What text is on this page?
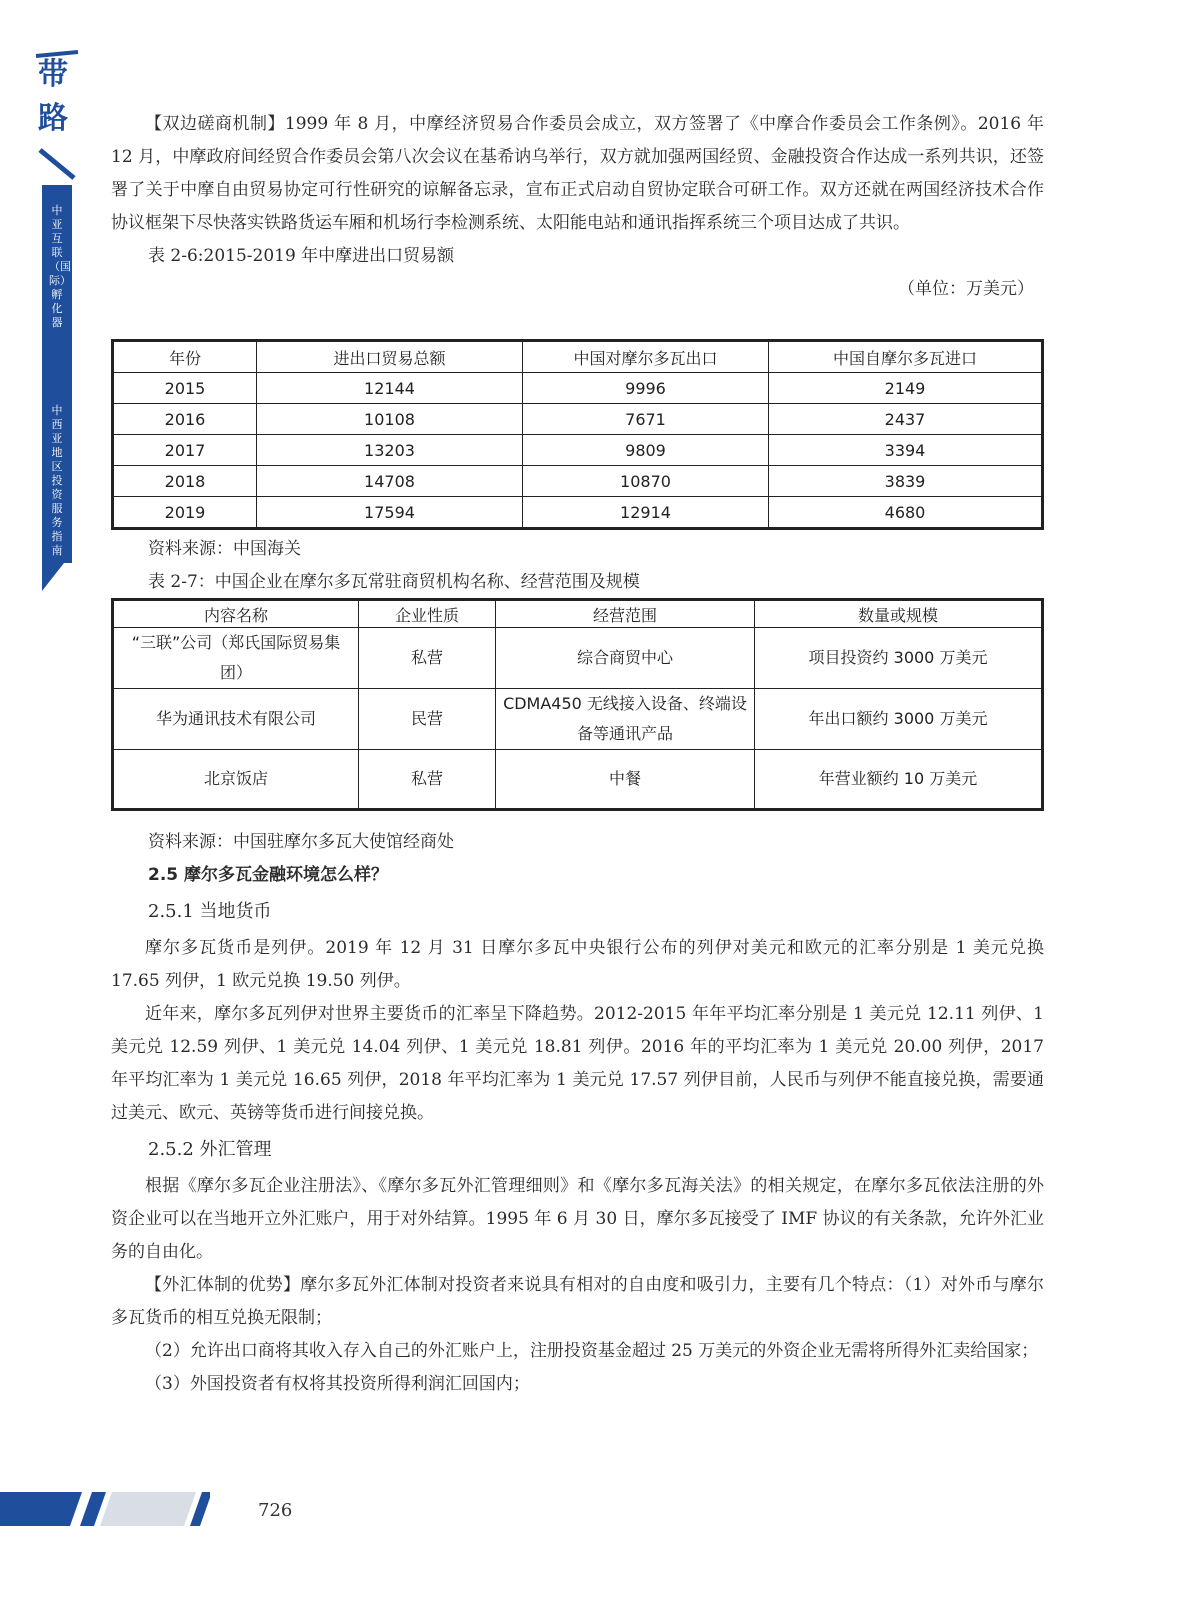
带
路
中亚互联（国际）孵化器
中西亚地区投资服务指南

【双边磋商机制】1999 年 8 月，中摩经济贸易合作委员会成立，双方签署了《中摩合作委员会工作条例》。2016 年 12 月，中摩政府间经贸合作委员会第八次会议在基希讷乌举行，双方就加强两国经贸、金融投资合作达成一系列共识，还签署了关于中摩自由贸易协定可行性研究的谅解备忘录，宣布正式启动自贸协定联合可研工作。双方还就在两国经济技术合作协议框架下尽快落实铁路货运车厢和机场行李检测系统、太阳能电站和通讯指挥系统三个项目达成了共识。

表 2-6:2015-2019 年中摩进出口贸易额

（单位：万美元）

年份	进出口贸易总额	中国对摩尔多瓦出口	中国自摩尔多瓦进口
2015	12144	9996	2149
2016	10108	7671	2437
2017	13203	9809	3394
2018	14708	10870	3839
2019	17594	12914	4680

资料来源：中国海关

表 2-7：中国企业在摩尔多瓦常驻商贸机构名称、经营范围及规模

内容名称	企业性质	经营范围	数量或规模
“三联”公司（郑氏国际贸易集团）	私营	综合商贸中心	项目投资约 3000 万美元
华为通讯技术有限公司	民营	CDMA450 无线接入设备、终端设备等通讯产品	年出口额约 3000 万美元
北京饭店	私营	中餐	年营业额约 10 万美元

资料来源：中国驻摩尔多瓦大使馆经商处

2.5 摩尔多瓦金融环境怎么样？
2.5.1 当地货币

摩尔多瓦货币是列伊。2019 年 12 月 31 日摩尔多瓦中央银行公布的列伊对美元和欧元的汇率分别是 1 美元兑换 17.65 列伊，1 欧元兑换 19.50 列伊。

近年来，摩尔多瓦列伊对世界主要货币的汇率呈下降趋势。2012-2015 年年平均汇率分别是 1 美元兑 12.11 列伊、1 美元兑 12.59 列伊、1 美元兑 14.04 列伊、1 美元兑 18.81 列伊。2016 年的平均汇率为 1 美元兑 20.00 列伊，2017 年平均汇率为 1 美元兑 16.65 列伊，2018 年平均汇率为 1 美元兑 17.57 列伊目前，人民币与列伊不能直接兑换，需要通过美元、欧元、英镑等货币进行间接兑换。

2.5.2 外汇管理

根据《摩尔多瓦企业注册法》、《摩尔多瓦外汇管理细则》和《摩尔多瓦海关法》的相关规定，在摩尔多瓦依法注册的外资企业可以在当地开立外汇账户，用于对外结算。1995 年 6 月 30 日，摩尔多瓦接受了 IMF 协议的有关条款，允许外汇业务的自由化。

【外汇体制的优势】摩尔多瓦外汇体制对投资者来说具有相对的自由度和吸引力，主要有几个特点：（1）对外币与摩尔多瓦货币的相互兑换无限制；

（2）允许出口商将其收入存入自己的外汇账户上，注册投资基金超过 25 万美元的外资企业无需将所得外汇卖给国家；

（3）外国投资者有权将其投资所得利润汇回国内；

726
